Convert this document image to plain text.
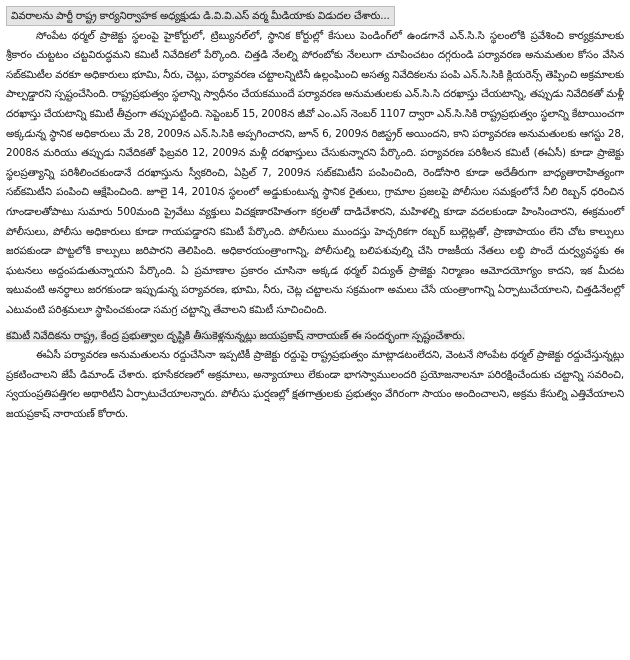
వివరాలను పార్టీ రాష్ట్ర కార్యనిర్వాహక అధ్యక్షుడు డి.వి.వి.ఎస్ వర్మ మీడియాకు విడుదల చేశారు...

సోంపేట థర్మల్ ప్రాజెక్టు స్థలంపై హైకోర్టులో, ట్రిబ్యునల్‌లో, స్థానిక కోర్టుల్లో కేసులు పెండింగ్‌లో ఉండగానే ఎన్.సి.సి స్థలంలోకి ప్రవేశించి కార్యక్రమాలకు శ్రీకారం చుట్టటం చట్టవిరుద్ధమని కమిటీ నివేదికలో పేర్కొంది. చిత్తడి నేలల్ని పోరంబోకు నేలలుగా చూపించటం దగ్గరుండి పర్యావరణ అనుమతుల కోసం వేసిన సబ్‌కమిటీల వరకూ అధికారులు భూమి, నీరు, చెట్లు, పర్యావరణ చట్టాలన్నిటినీ ఉల్లంఘించి అసత్య నివేదికలను పంపి ఎన్.సి.సికి క్లియరెన్స్ తెప్పించి అక్రమాలకు పాల్పడ్డారని స్పష్టంచేసింది. రాష్ట్రప్రభుత్వం స్థలాన్ని స్వాధీనం చేయకముందే పర్యావరణ అనుమతులకు ఎన్.సి.సి దరఖాస్తు చేయటాన్ని, తప్పుడు నివేదికతో మళ్లీ దరఖాస్తు చేయటాన్ని కమిటీ తీవ్రంగా తప్పుపట్టింది. సెప్టెంబర్ 15, 2008న జీవో ఎం.ఎస్ నెంబర్ 1107 ద్వారా ఎన్.సి.సికి రాష్ట్రప్రభుత్వం స్థలాన్ని కేటాయించగా అక్కడున్న స్థానిక అధికారులు మే 28, 2009న ఎన్.సి.సికి అప్పగించారని, జూన్ 6, 2009న రిజిస్ట్రర్ అయిందని, కాని పర్యావరణ అనుమతులకు ఆగస్టు 28, 2008న మరియు తప్పుడు నివేదికతో ఫిబ్రవరి 12, 2009న మళ్లీ దరఖాస్తులు చేసుకున్నారని పేర్కొంది. పర్యావరణ పరిశీలన కమిటీ (ఈఏసీ) కూడా ప్రాజెక్టు స్థలప్రత్యాన్ని పరిశీలించకుండానే దరఖాస్తును స్వీకరించి, ఏప్రిల్ 7, 2009న సబ్‌కమిటీని పంపించింది, రెండోసారి కూడా అదేతీరుగా బాధ్యతారాహిత్యంగా సబ్‌కమిటీని పంపించి ఆక్షేపించింది. జూలై 14, 2010న స్థలంలో అడ్డుకుంటున్న స్థానిక రైతులు, గ్రామాల ప్రజలపై పోలీసుల సమక్షంలోనే నీలి రిబ్బన్ ధరించిన గూండాలతోపాటు సుమారు 500మంది ప్రైవేటు వ్యక్తులు విచక్షణారహితంగా కర్రలతో దాడిచేశారని, మహిళల్ని కూడా వదలకుండా హింసించారని, ఈక్రమంలో పోలీసులు, పోలీసు అధికారులు కూడా గాయపడ్డారని కమిటీ పేర్కొంది. పోలీసులు ముందస్తు హెచ్చరికగా రబ్బర్ బుల్లెట్లతో, ప్రాణాపాయం లేని చోట కాల్పులు జరపకుండా పొట్టలోకి కాల్పులు జరిపారని తెలిపింది. అధికారయంత్రాంగాన్ని, పోలీసుల్ని బలిపశువుల్ని చేసి రాజకీయ నేతలు లబ్ధి పొందే దుర్వ్యవస్థకు ఈ ఘటనలు అద్దంపడుతున్నాయని పేర్కొంది. ఏ ప్రమాణాల ప్రకారం చూసినా అక్కడ థర్మల్ విద్యుత్ ప్రాజెక్టు నిర్మాణం ఆమోదయోగ్యం కాదని, ఇక మీదట ఇటువంటి అనర్థాలు జరగకుండా ఇప్పుడున్న పర్యావరణ, భూమి, నీరు, చెట్ల చట్టాలను సక్రమంగా అమలు చేసే యంత్రాంగాన్ని ఏర్పాటుచేయాలని, చిత్తడినేలల్లో ఎటువంటి పరిశ్రమలూ స్థాపించకుండా సమగ్ర చట్టాన్ని తేవాలని కమిటీ సూచించింది.

కమిటీ నివేదికను రాష్ట్ర, కేంద్ర ప్రభుత్వాల దృష్టికి తీసుకెళ్లనున్నట్లు జయప్రకాష్ నారాయణ్ ఈ సందర్భంగా స్పష్టంచేశారు.

ఈఏసీ పర్యావరణ అనుమతులను రద్దుచేసినా ఇప్పటికీ ప్రాజెక్టు రద్దుపై రాష్ట్రప్రభుత్వం మాట్లాడటంలేదని, వెంటనే సోంపేట థర్మల్ ప్రాజెక్టు రద్దుచేస్తున్నట్లు ప్రకటించాలని జేపీ డిమాండ్ చేశారు. భూసేకరణలో అక్రమాలు, అన్యాయాలు లేకుండా భాగస్వాములందరి ప్రయోజనాలనూ పరిరక్షించేందుకు చట్టాన్ని సవరించి, స్వయంప్రతిపత్తిగల అథారిటీని ఏర్పాటుచేయాలన్నారు. పోలీసు ఘర్షణల్లో క్షతగాత్రులకు ప్రభుత్వం వేగిరంగా సాయం అందించాలని, అక్రమ కేసుల్ని ఎత్తివేయాలని జయప్రకాష్ నారాయణ్ కోరారు.
